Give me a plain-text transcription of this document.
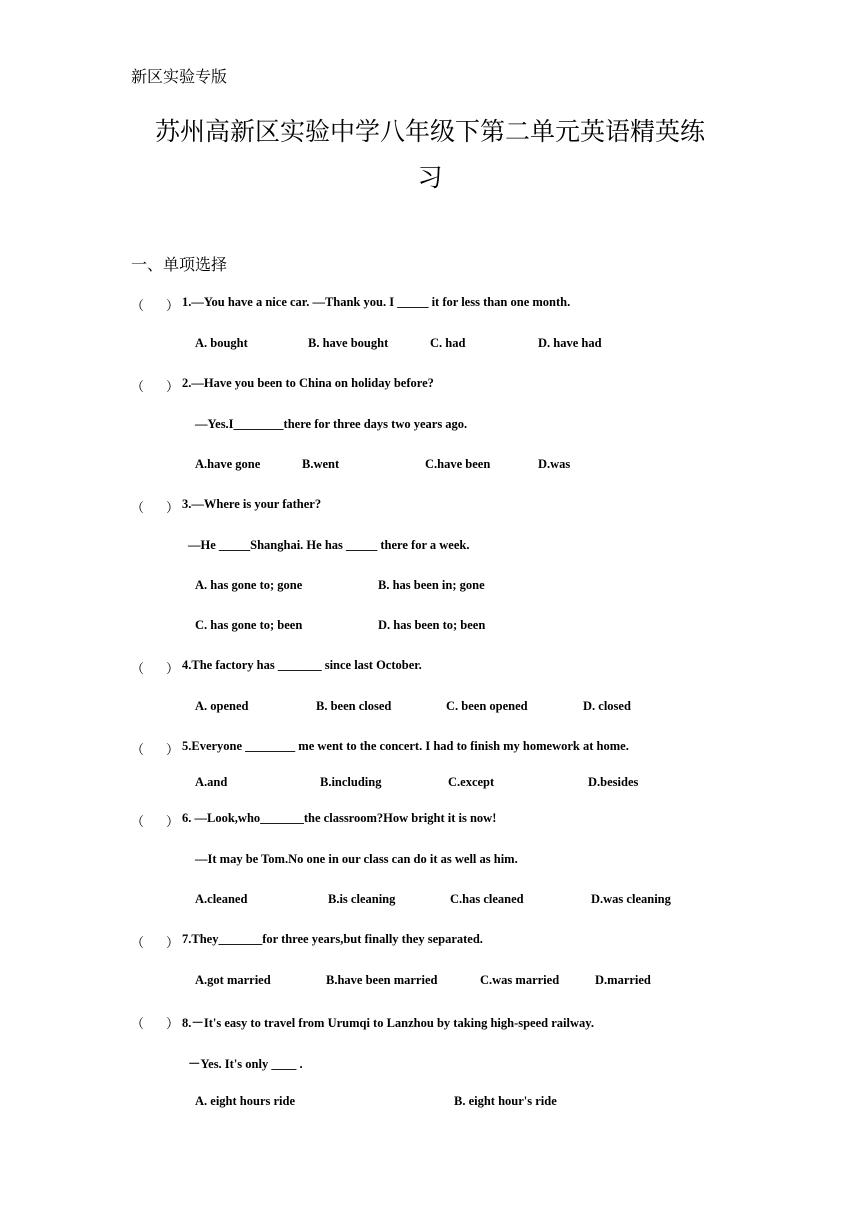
新区实验专版
苏州高新区实验中学八年级下第二单元英语精英练
习
一、单项选择
（ ） 1.—You have a nice car. —Thank you. I _____ it for less than one month.
A. bought	B. have bought	C. had	D. have had
（ ） 2.—Have you been to China on holiday before?
—Yes.I________there for three days two years ago.
A.have gone	B.went	C.have been	D.was
（ ） 3.—Where is your father?
—He _____Shanghai. He has _____ there for a week.
A. has gone to; gone	B. has been in; gone
C. has gone to; been	D. has been to; been
（ ） 4.The factory has _______ since last October.
A. opened	B. been closed	C. been opened	D. closed
（ ） 5.Everyone ________ me went to the concert. I had to finish my homework at home.
A.and	B.including	C.except	D.besides
（ ） 6. —Look,who_______the classroom?How bright it is now!
—It may be Tom.No one in our class can do it as well as him.
A.cleaned	B.is cleaning	C.has cleaned	D.was cleaning
（ ） 7.They_______for three years,but finally they separated.
A.got married	B.have been married	C.was married	D.married
（ ） 8.－It's easy to travel from Urumqi to Lanzhou by taking high-speed railway.
－Yes. It's only ____ .
A. eight hours ride	B. eight hour's ride
